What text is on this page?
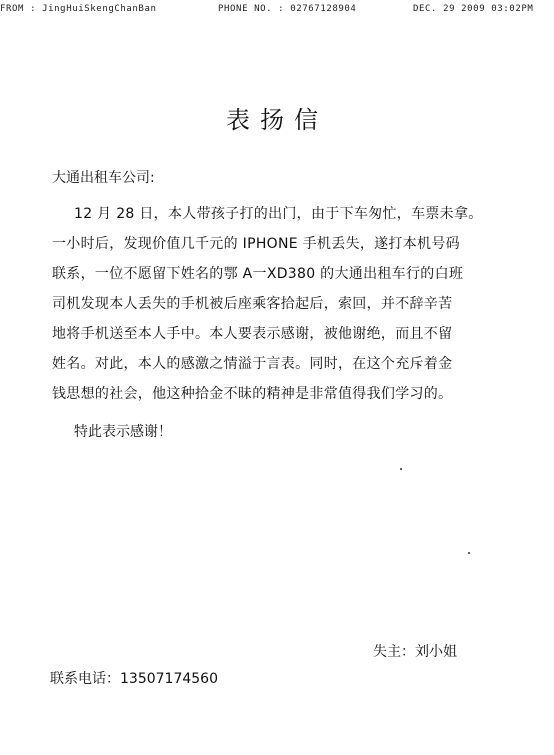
FROM : JingHuiSkengChanBan	PHONE NO. : 02767128904	DEC. 29 2009 03:02PM
表扬信
大通出租车公司:
12 月 28 日，本人带孩子打的出门，由于下车匆忙，车票未拿。
一小时后，发现价值几千元的 IPHONE 手机丢失，遂打本机号码
联系，一位不愿留下姓名的鄂 A一XD380 的大通出租车行的白班
司机发现本人丢失的手机被后座乘客拾起后，索回，并不辞辛苦
地将手机送至本人手中。本人要表示感谢，被他谢绝，而且不留
姓名。对此，本人的感激之情溢于言表。同时，在这个充斥着金
钱思想的社会，他这种拾金不昧的精神是非常值得我们学习的。
特此表示感谢！
失主：刘小姐
联系电话：13507174560
